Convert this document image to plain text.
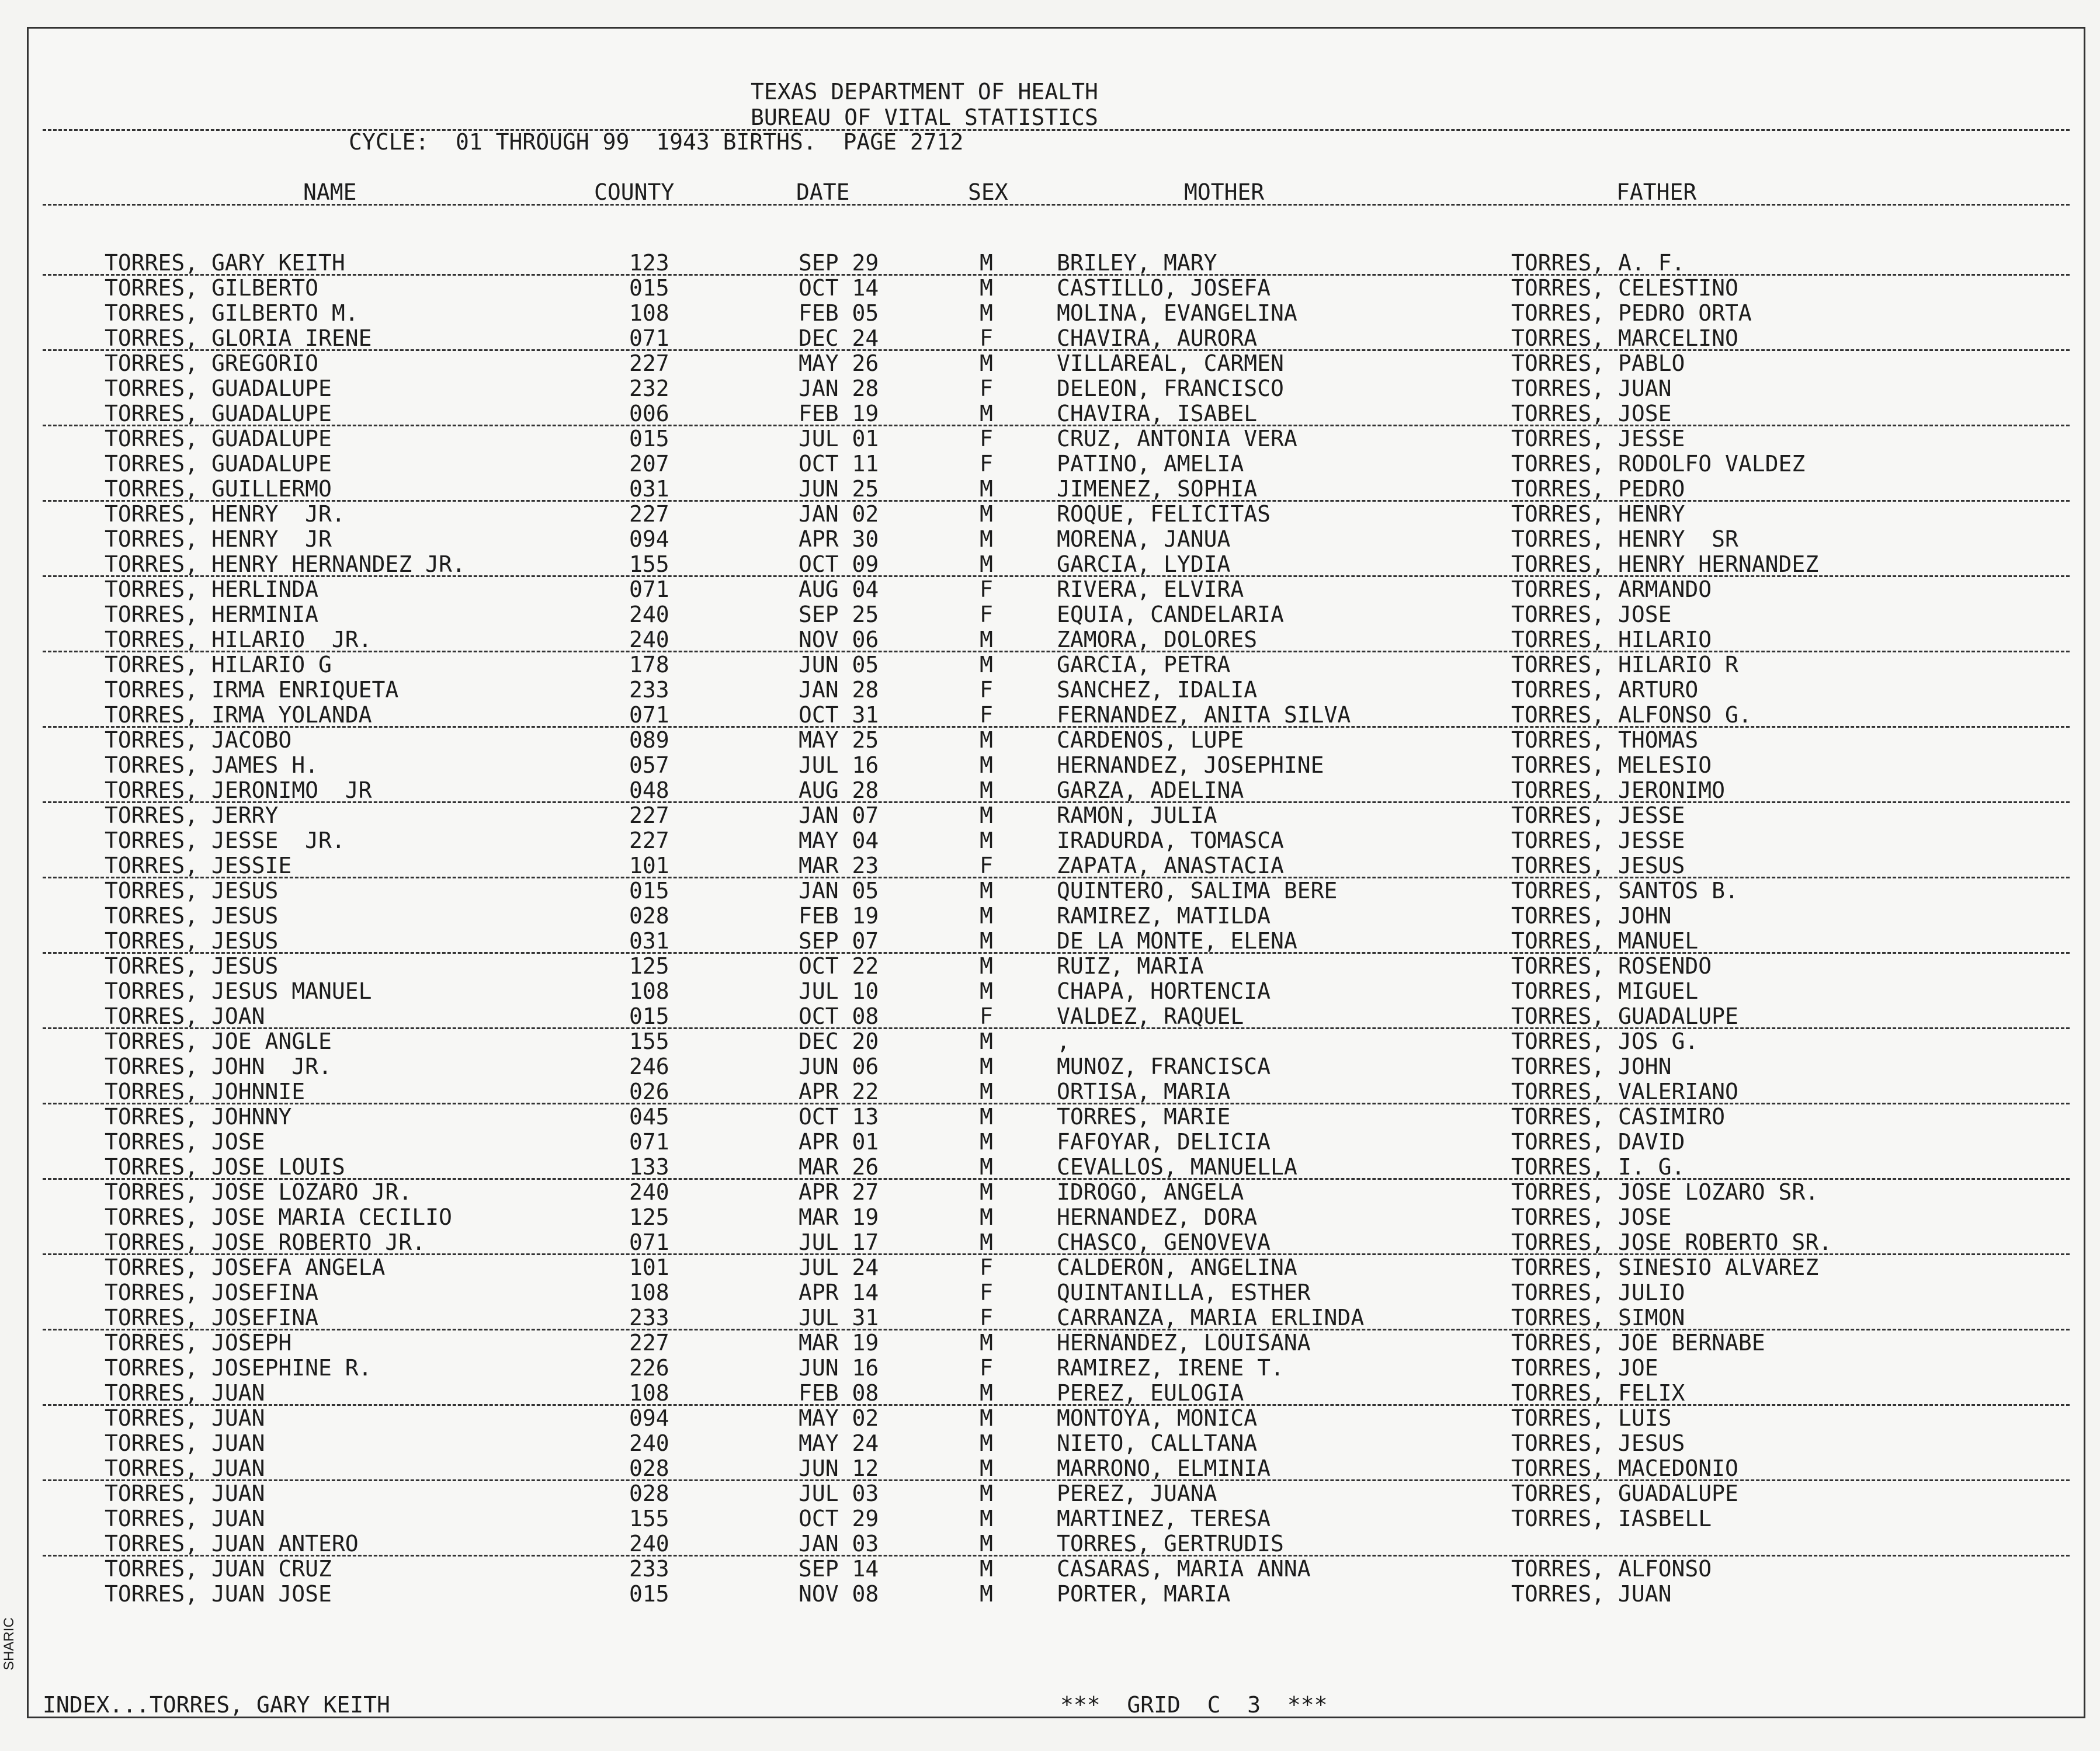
TEXAS DEPARTMENT OF HEALTH
BUREAU OF VITAL STATISTICS
CYCLE:  01 THROUGH 99  1943 BIRTHS.  PAGE 2712
NAME	COUNTY	DATE	SEX	MOTHER	FATHER
TORRES, GARY KEITH	123	SEP 29	M	BRILEY, MARY	TORRES, A. F.
TORRES, GILBERTO	015	OCT 14	M	CASTILLO, JOSEFA	TORRES, CELESTINO
TORRES, GILBERTO M.	108	FEB 05	M	MOLINA, EVANGELINA	TORRES, PEDRO ORTA
TORRES, GLORIA IRENE	071	DEC 24	F	CHAVIRA, AURORA	TORRES, MARCELINO
TORRES, GREGORIO	227	MAY 26	M	VILLAREAL, CARMEN	TORRES, PABLO
TORRES, GUADALUPE	232	JAN 28	F	DELEON, FRANCISCO	TORRES, JUAN
TORRES, GUADALUPE	006	FEB 19	M	CHAVIRA, ISABEL	TORRES, JOSE
TORRES, GUADALUPE	015	JUL 01	F	CRUZ, ANTONIA VERA	TORRES, JESSE
TORRES, GUADALUPE	207	OCT 11	F	PATINO, AMELIA	TORRES, RODOLFO VALDEZ
TORRES, GUILLERMO	031	JUN 25	M	JIMENEZ, SOPHIA	TORRES, PEDRO
TORRES, HENRY  JR.	227	JAN 02	M	ROQUE, FELICITAS	TORRES, HENRY
TORRES, HENRY  JR	094	APR 30	M	MORENA, JANUA	TORRES, HENRY  SR
TORRES, HENRY HERNANDEZ JR.	155	OCT 09	M	GARCIA, LYDIA	TORRES, HENRY HERNANDEZ
TORRES, HERLINDA	071	AUG 04	F	RIVERA, ELVIRA	TORRES, ARMANDO
TORRES, HERMINIA	240	SEP 25	F	EQUIA, CANDELARIA	TORRES, JOSE
TORRES, HILARIO  JR.	240	NOV 06	M	ZAMORA, DOLORES	TORRES, HILARIO
TORRES, HILARIO G	178	JUN 05	M	GARCIA, PETRA	TORRES, HILARIO R
TORRES, IRMA ENRIQUETA	233	JAN 28	F	SANCHEZ, IDALIA	TORRES, ARTURO
TORRES, IRMA YOLANDA	071	OCT 31	F	FERNANDEZ, ANITA SILVA	TORRES, ALFONSO G.
TORRES, JACOBO	089	MAY 25	M	CARDENOS, LUPE	TORRES, THOMAS
TORRES, JAMES H.	057	JUL 16	M	HERNANDEZ, JOSEPHINE	TORRES, MELESIO
TORRES, JERONIMO  JR	048	AUG 28	M	GARZA, ADELINA	TORRES, JERONIMO
TORRES, JERRY	227	JAN 07	M	RAMON, JULIA	TORRES, JESSE
TORRES, JESSE  JR.	227	MAY 04	M	IRADURDA, TOMASCA	TORRES, JESSE
TORRES, JESSIE	101	MAR 23	F	ZAPATA, ANASTACIA	TORRES, JESUS
TORRES, JESUS	015	JAN 05	M	QUINTERO, SALIMA BERE	TORRES, SANTOS B.
TORRES, JESUS	028	FEB 19	M	RAMIREZ, MATILDA	TORRES, JOHN
TORRES, JESUS	031	SEP 07	M	DE LA MONTE, ELENA	TORRES, MANUEL
TORRES, JESUS	125	OCT 22	M	RUIZ, MARIA	TORRES, ROSENDO
TORRES, JESUS MANUEL	108	JUL 10	M	CHAPA, HORTENCIA	TORRES, MIGUEL
TORRES, JOAN	015	OCT 08	F	VALDEZ, RAQUEL	TORRES, GUADALUPE
TORRES, JOE ANGLE	155	DEC 20	M	,	TORRES, JOS G.
TORRES, JOHN  JR.	246	JUN 06	M	MUNOZ, FRANCISCA	TORRES, JOHN
TORRES, JOHNNIE	026	APR 22	M	ORTISA, MARIA	TORRES, VALERIANO
TORRES, JOHNNY	045	OCT 13	M	TORRES, MARIE	TORRES, CASIMIRO
TORRES, JOSE	071	APR 01	M	FAFOYAR, DELICIA	TORRES, DAVID
TORRES, JOSE LOUIS	133	MAR 26	M	CEVALLOS, MANUELLA	TORRES, I. G.
TORRES, JOSE LOZARO JR.	240	APR 27	M	IDROGO, ANGELA	TORRES, JOSE LOZARO SR.
TORRES, JOSE MARIA CECILIO	125	MAR 19	M	HERNANDEZ, DORA	TORRES, JOSE
TORRES, JOSE ROBERTO JR.	071	JUL 17	M	CHASCO, GENOVEVA	TORRES, JOSE ROBERTO SR.
TORRES, JOSEFA ANGELA	101	JUL 24	F	CALDERON, ANGELINA	TORRES, SINESIO ALVAREZ
TORRES, JOSEFINA	108	APR 14	F	QUINTANILLA, ESTHER	TORRES, JULIO
TORRES, JOSEFINA	233	JUL 31	F	CARRANZA, MARIA ERLINDA	TORRES, SIMON
TORRES, JOSEPH	227	MAR 19	M	HERNANDEZ, LOUISANA	TORRES, JOE BERNABE
TORRES, JOSEPHINE R.	226	JUN 16	F	RAMIREZ, IRENE T.	TORRES, JOE
TORRES, JUAN	108	FEB 08	M	PEREZ, EULOGIA	TORRES, FELIX
TORRES, JUAN	094	MAY 02	M	MONTOYA, MONICA	TORRES, LUIS
TORRES, JUAN	240	MAY 24	M	NIETO, CALLTANA	TORRES, JESUS
TORRES, JUAN	028	JUN 12	M	MARRONO, ELMINIA	TORRES, MACEDONIO
TORRES, JUAN	028	JUL 03	M	PEREZ, JUANA	TORRES, GUADALUPE
TORRES, JUAN	155	OCT 29	M	MARTINEZ, TERESA	TORRES, IASBELL
TORRES, JUAN ANTERO	240	JAN 03	M	TORRES, GERTRUDIS
TORRES, JUAN CRUZ	233	SEP 14	M	CASARAS, MARIA ANNA	TORRES, ALFONSO
TORRES, JUAN JOSE	015	NOV 08	M	PORTER, MARIA	TORRES, JUAN
INDEX...TORRES, GARY KEITH	***  GRID  C  3  ***
SHARIC
